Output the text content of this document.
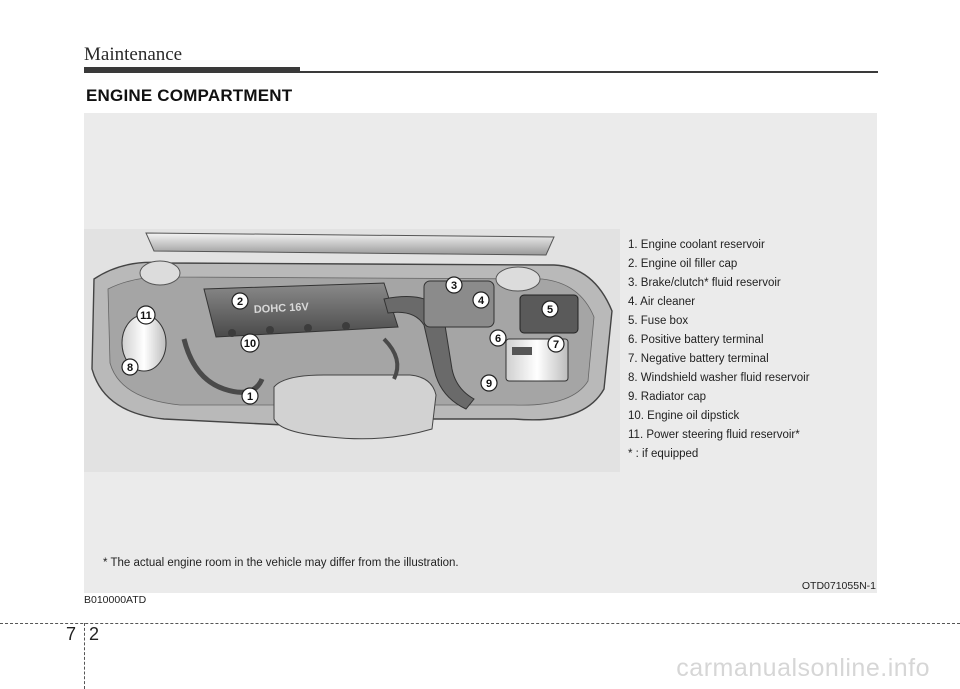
Maintenance
ENGINE COMPARTMENT
DOHC 16V
1
2
3
4
5
6	7
8
9
10
11
1. Engine coolant reservoir
2. Engine oil filler cap
3. Brake/clutch* fluid reservoir
4. Air cleaner
5. Fuse box
6. Positive battery terminal
7. Negative battery terminal
8. Windshield washer fluid reservoir
9. Radiator cap
10. Engine oil dipstick
11. Power steering fluid reservoir*
* : if equipped
* The actual engine room in the vehicle may differ from the illustration.
OTD071055N-1
B010000ATD
7 2
carmanualsonline.info
